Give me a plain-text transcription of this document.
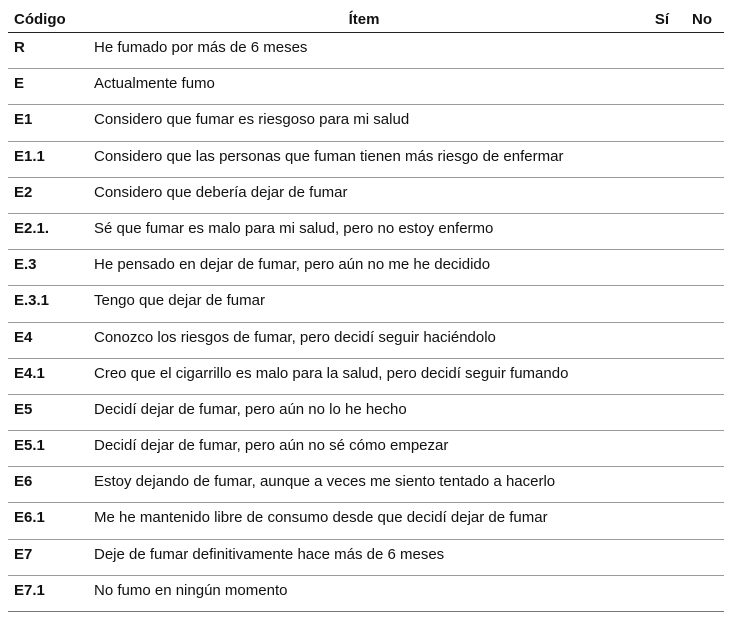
Código	Ítem	Sí	No

R	He fumado por más de 6 meses		

E	Actualmente fumo		

E1	Considero que fumar es riesgoso para mi salud		

E1.1	Considero que las personas que fuman tienen más riesgo de enfermar		

E2	Considero que debería dejar de fumar		

E2.1.	Sé que fumar es malo para mi salud, pero no estoy enfermo		

E.3	He pensado en dejar de fumar, pero aún no me he decidido		

E.3.1	Tengo que dejar de fumar		

E4	Conozco los riesgos de fumar, pero decidí seguir haciéndolo		

E4.1	Creo que el cigarrillo es malo para la salud, pero decidí seguir fumando		

E5	Decidí dejar de fumar, pero aún no lo he hecho		

E5.1	Decidí dejar de fumar, pero aún no sé cómo empezar		

E6	Estoy dejando de fumar, aunque a veces me siento tentado a hacerlo		

E6.1	Me he mantenido libre de consumo desde que decidí dejar de fumar		

E7	Deje de fumar definitivamente hace más de 6 meses		

E7.1	No fumo en ningún momento		
